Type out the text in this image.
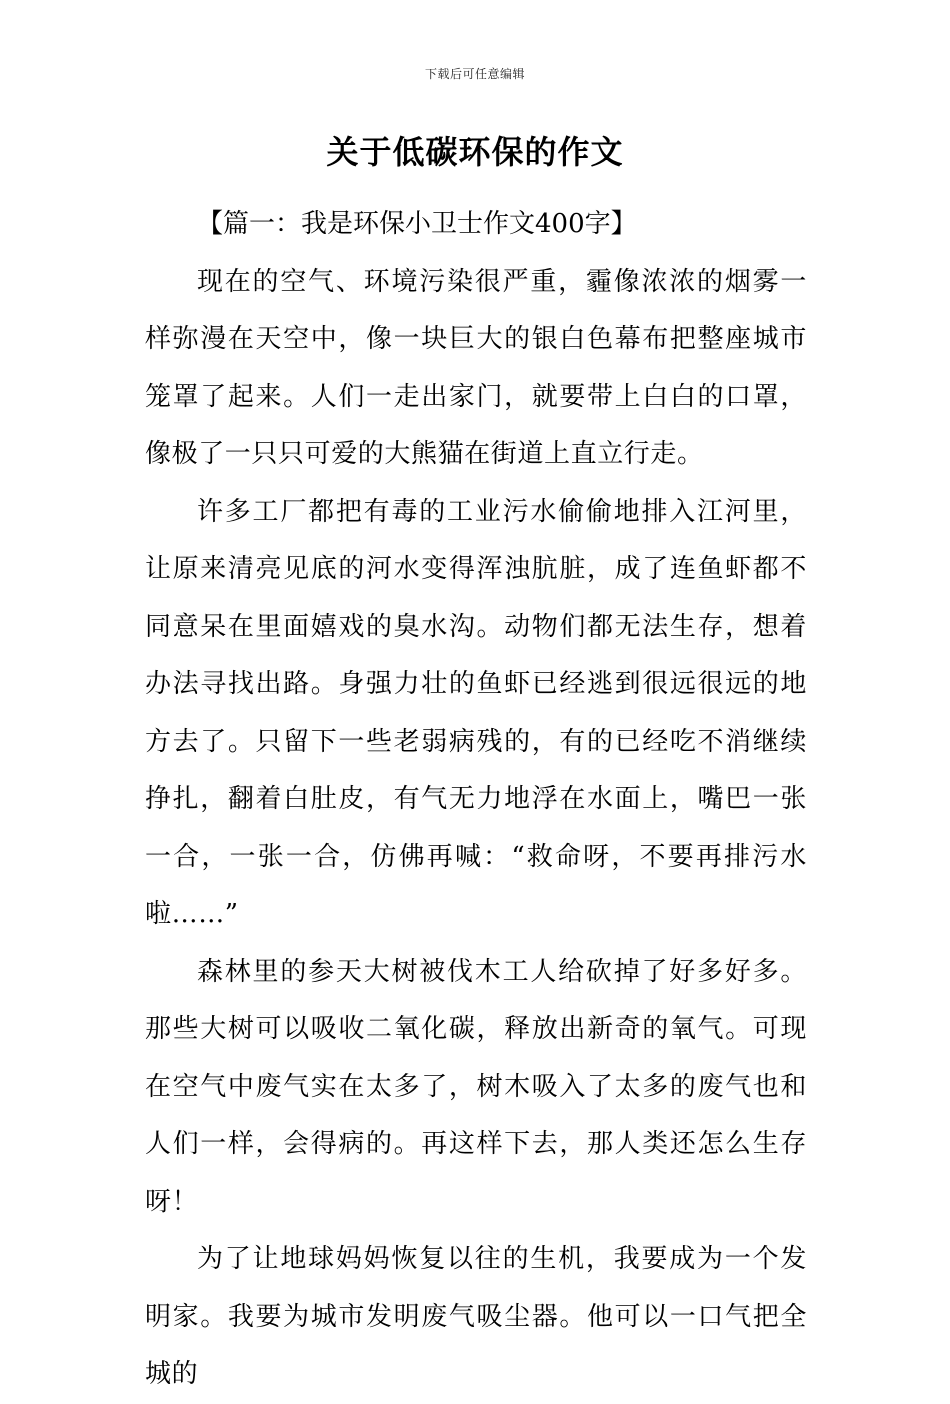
下载后可任意编辑
关于低碳环保的作文

【篇一：我是环保小卫士作文400字】

现在的空气、环境污染很严重，霾像浓浓的烟雾一样弥漫在天空中，像一块巨大的银白色幕布把整座城市笼罩了起来。人们一走出家门，就要带上白白的口罩，像极了一只只可爱的大熊猫在街道上直立行走。

许多工厂都把有毒的工业污水偷偷地排入江河里，让原来清亮见底的河水变得浑浊肮脏，成了连鱼虾都不同意呆在里面嬉戏的臭水沟。动物们都无法生存，想着办法寻找出路。身强力壮的鱼虾已经逃到很远很远的地方去了。只留下一些老弱病残的，有的已经吃不消继续挣扎，翻着白肚皮，有气无力地浮在水面上，嘴巴一张一合，一张一合，仿佛再喊：“救命呀，不要再排污水啦……”

森林里的参天大树被伐木工人给砍掉了好多好多。那些大树可以吸收二氧化碳，释放出新奇的氧气。可现在空气中废气实在太多了，树木吸入了太多的废气也和人们一样，会得病的。再这样下去，那人类还怎么生存呀！

为了让地球妈妈恢复以往的生机，我要成为一个发明家。我要为城市发明废气吸尘器。他可以一口气把全城的
